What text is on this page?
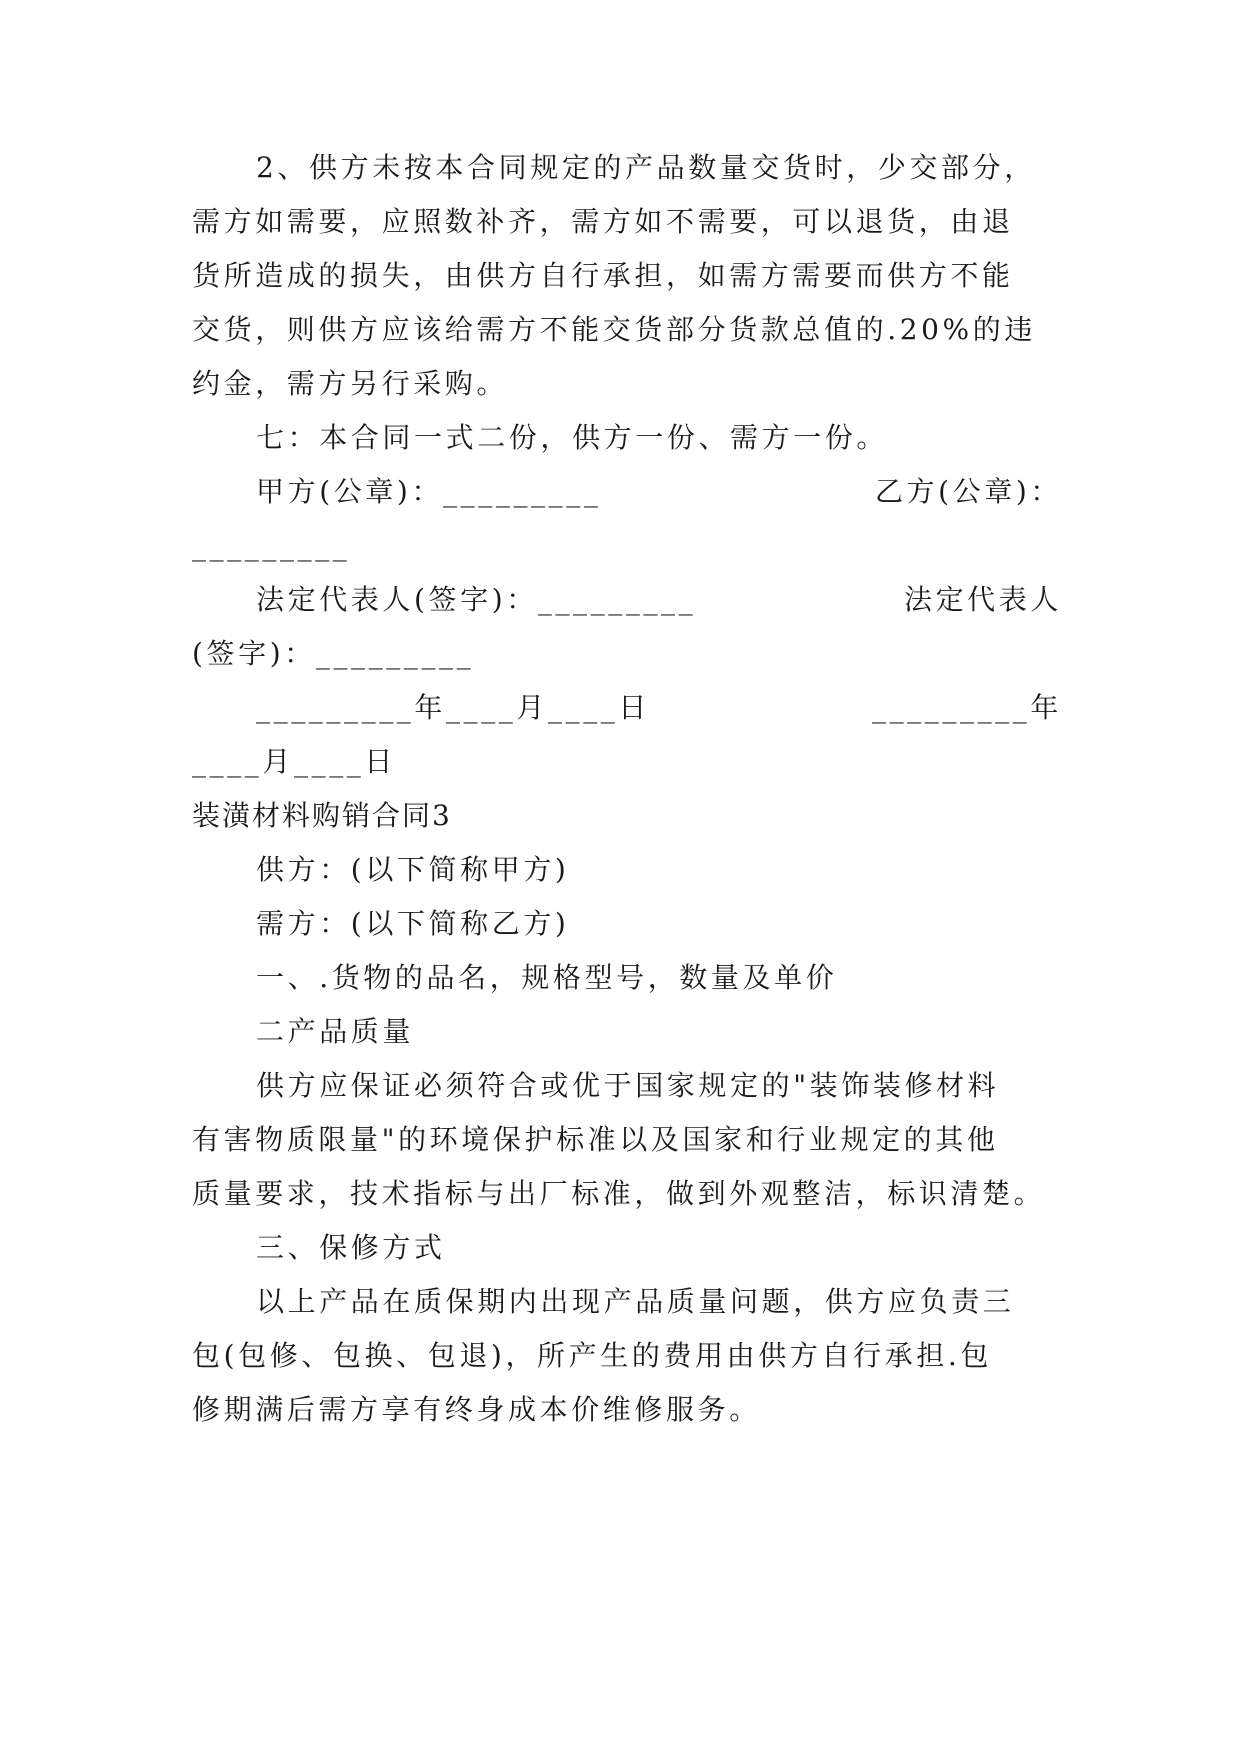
2、供方未按本合同规定的产品数量交货时，少交部分，
需方如需要，应照数补齐，需方如不需要，可以退货，由退
货所造成的损失，由供方自行承担，如需方需要而供方不能
交货，则供方应该给需方不能交货部分货款总值的.20%的违
约金，需方另行采购。
七：本合同一式二份，供方一份、需方一份。
甲方(公章)：_________	乙方(公章)：
_________
法定代表人(签字)：_________	法定代表人
(签字)：_________
_________年____月____日	_________年
____月____日
装潢材料购销合同3
供方：(以下简称甲方)
需方：(以下简称乙方)
一、.货物的品名，规格型号，数量及单价
二产品质量
供方应保证必须符合或优于国家规定的"装饰装修材料
有害物质限量"的环境保护标准以及国家和行业规定的其他
质量要求，技术指标与出厂标准，做到外观整洁，标识清楚。
三、保修方式
以上产品在质保期内出现产品质量问题，供方应负责三
包(包修、包换、包退)，所产生的费用由供方自行承担.包
修期满后需方享有终身成本价维修服务。
